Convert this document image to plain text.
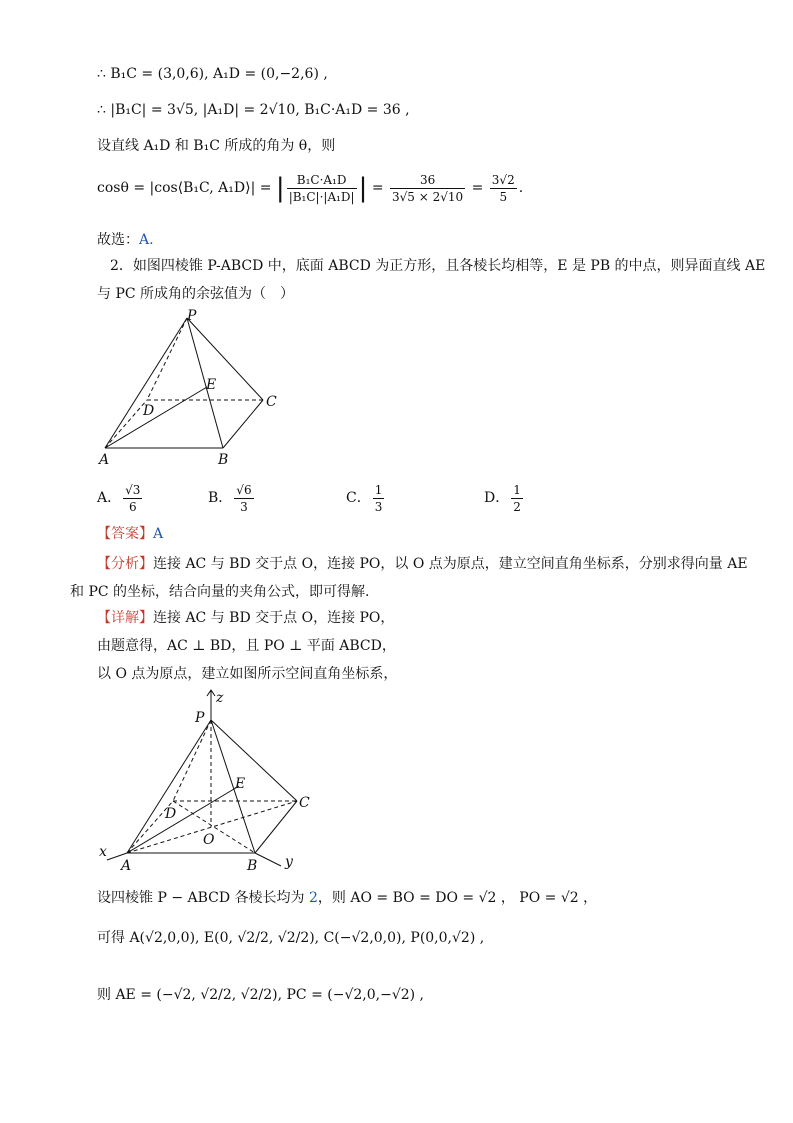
∴ B₁C = (3,0,6), A₁D = (0,−2,6) ,
∴ |B₁C| = 3√5, |A₁D| = 2√10, B₁C·A₁D = 36 ,
设直线 A₁D 和 B₁C 所成的角为 θ，则
cosθ = |cos⟨B₁C, A₁D⟩| = | $\frac{\text{B₁C·A₁D}}{\text{|B₁C|·|A₁D|}}$ | = $\frac{36}{3√5 \times 2√10} = \frac{3√2}{5}$ .
故选：A.
2．如图四棱锥 P-ABCD 中，底面 ABCD 为正方形，且各棱长均相等，E 是 PB 的中点，则异面直线 AE
与 PC 所成角的余弦值为（　）
P
E
D
C
A	B
A． $\frac{√3}{6}$	B． $\frac{√6}{3}$	C． $\frac{1}{3}$	D． $\frac{1}{2}$
【答案】A
【分析】连接 AC 与 BD 交于点 O，连接 PO，以 O 点为原点，建立空间直角坐标系，分别求得向量 AE
和 PC 的坐标，结合向量的夹角公式，即可得解.
【详解】连接 AC 与 BD 交于点 O，连接 PO，
由题意得，AC ⊥ BD，且 PO ⊥ 平面 ABCD，
以 O 点为原点，建立如图所示空间直角坐标系，
z
P
E
D
C
O
x
A	B y
设四棱锥 P − ABCD 各棱长均为 2，则 AO = BO = DO = √2 ， PO = √2 ，
可得 A(√2,0,0), E(0, √2/2, √2/2), C(−√2,0,0), P(0,0,√2) ,
则 AE = (−√2, √2/2, √2/2), PC = (−√2,0,−√2) ,
